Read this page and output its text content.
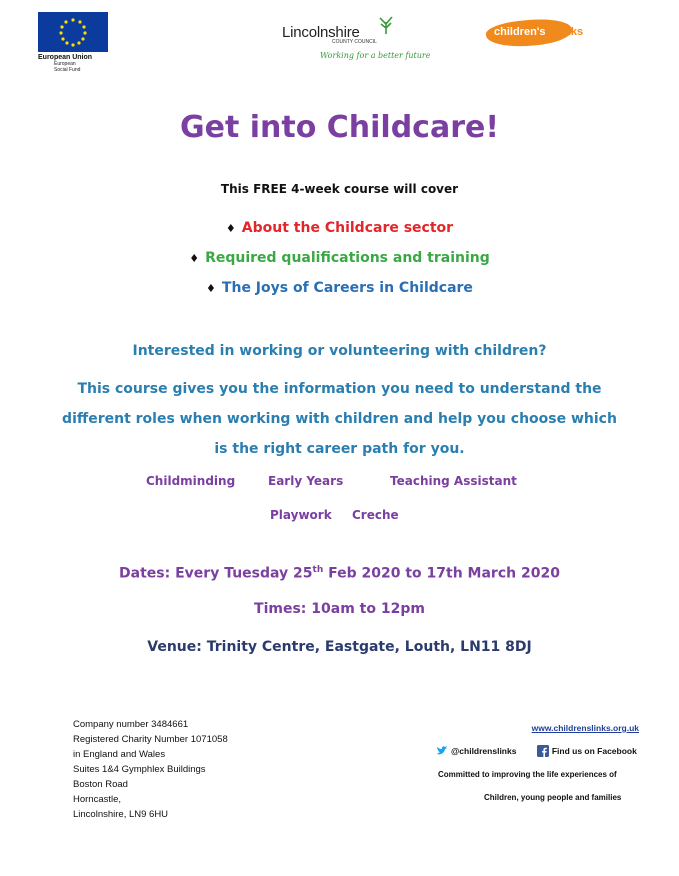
European Union
European
Social Fund
Lincolnshire
COUNTY COUNCIL
Working for a better future
children's links
Get into Childcare!
This FREE 4-week course will cover
♦ About the Childcare sector
♦ Required qualifications and training
♦ The Joys of Careers in Childcare
Interested in working or volunteering with children?
This course gives you the information you need to understand the different roles when working with children and help you choose which is the right career path for you.
Childminding	Early Years	Teaching Assistant
Playwork Creche
Dates: Every Tuesday 25th Feb 2020 to 17th March 2020
Times: 10am to 12pm
Venue: Trinity Centre, Eastgate, Louth, LN11 8DJ
Company number 3484661
Registered Charity Number 1071058
in England and Wales
Suites 1&4 Gymphlex Buildings
Boston Road
Horncastle,
Lincolnshire, LN9 6HU
www.childrenslinks.org.uk
@childrenslinks	Find us on Facebook
Committed to improving the life experiences of
Children, young people and families
